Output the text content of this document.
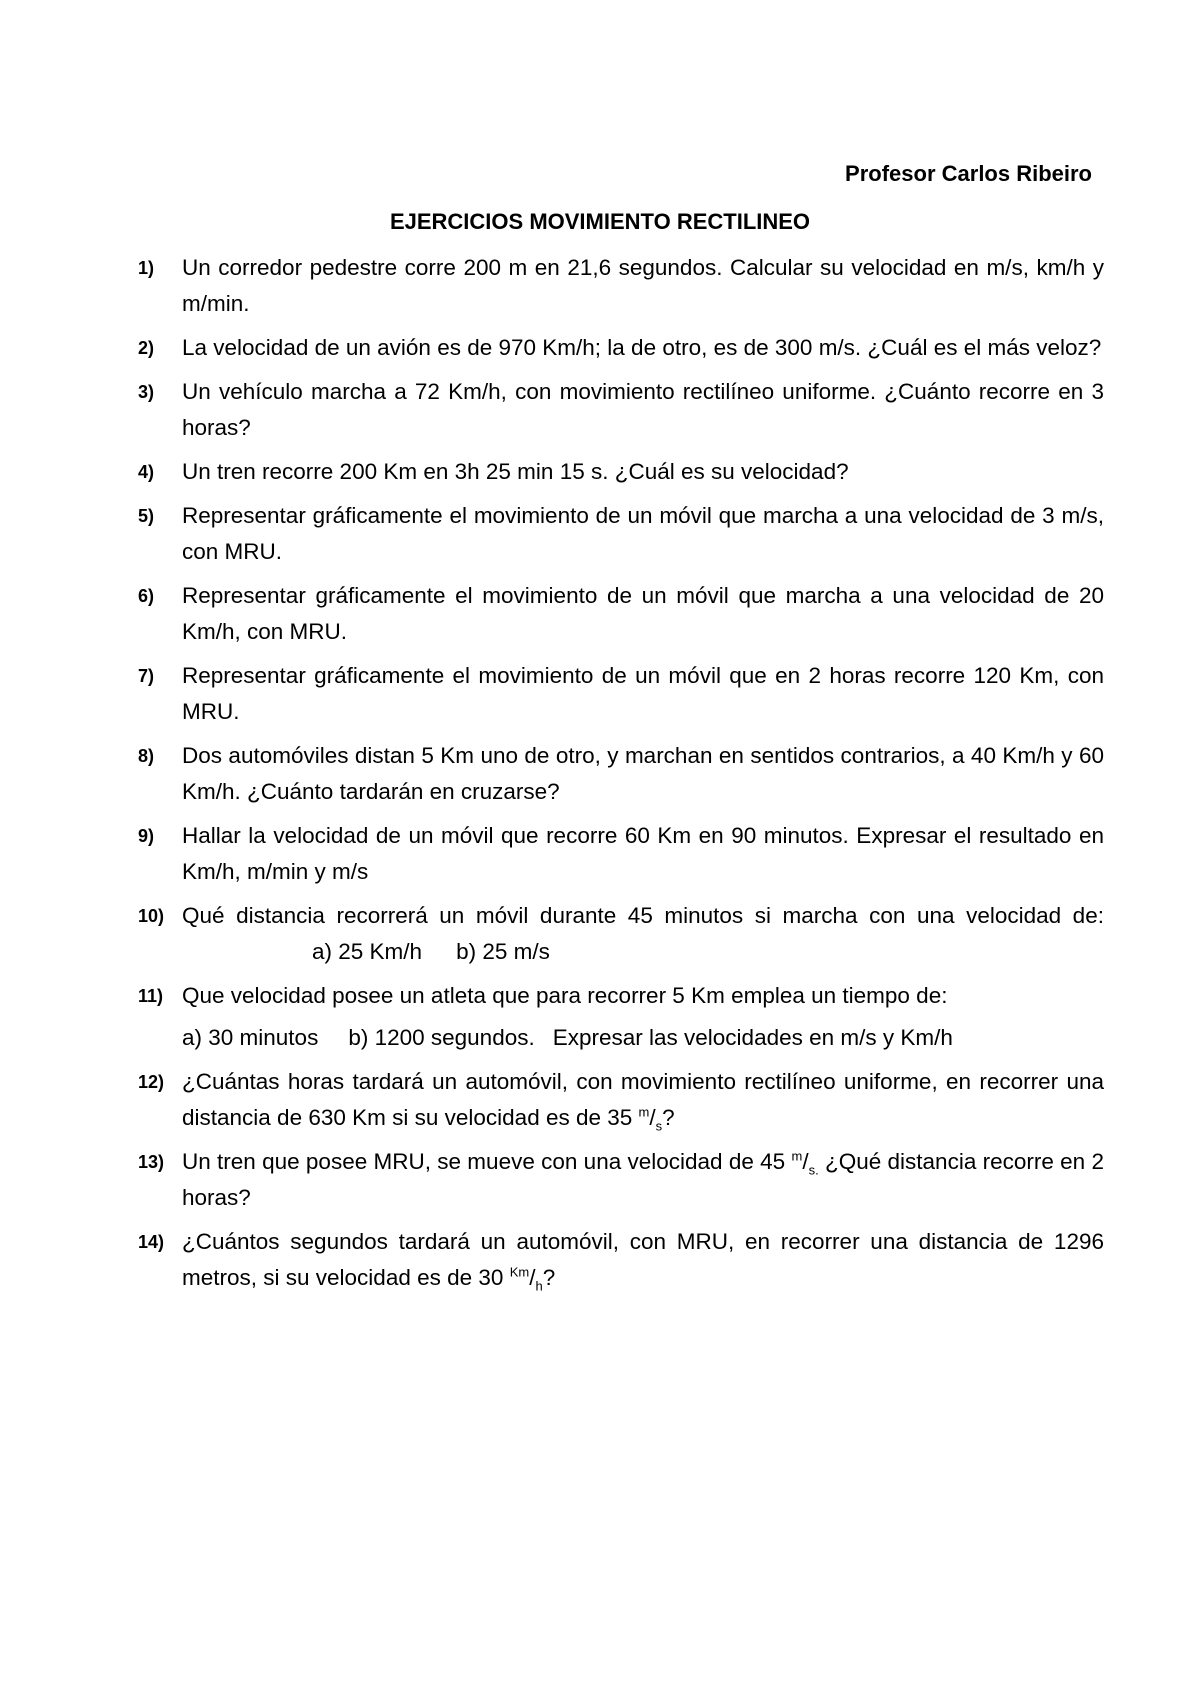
Profesor Carlos Ribeiro
EJERCICIOS MOVIMIENTO RECTILINEO
1) Un corredor pedestre corre 200 m en 21,6 segundos. Calcular su velocidad en m/s, km/h y m/min.
2) La velocidad de un avión es de 970 Km/h; la de otro, es de 300 m/s. ¿Cuál es el más veloz?
3) Un vehículo marcha a 72 Km/h, con movimiento rectilíneo uniforme. ¿Cuánto recorre en 3 horas?
4) Un tren recorre 200 Km en 3h 25 min 15 s. ¿Cuál es su velocidad?
5) Representar gráficamente el movimiento de un móvil que marcha a una velocidad de 3 m/s, con MRU.
6) Representar gráficamente el movimiento de un móvil que marcha a una velocidad de 20 Km/h, con MRU.
7) Representar gráficamente el movimiento de un móvil que en 2 horas recorre 120 Km, con MRU.
8) Dos automóviles distan 5 Km uno de otro, y marchan en sentidos contrarios, a 40 Km/h y 60 Km/h. ¿Cuánto tardarán en cruzarse?
9) Hallar la velocidad de un móvil que recorre 60 Km en 90 minutos. Expresar el resultado en Km/h, m/min y m/s
10) Qué distancia recorrerá un móvil durante 45 minutos si marcha con una velocidad de: a) 25 Km/h b) 25 m/s
11) Que velocidad posee un atleta que para recorrer 5 Km emplea un tiempo de:
a) 30 minutos b) 1200 segundos. Expresar las velocidades en m/s y Km/h
12) ¿Cuántas horas tardará un automóvil, con movimiento rectilíneo uniforme, en recorrer una distancia de 630 Km si su velocidad es de 35 $^m/_s$?
13) Un tren que posee MRU, se mueve con una velocidad de 45 $^m/_{s.}$ ¿Qué distancia recorre en 2 horas?
14) ¿Cuántos segundos tardará un automóvil, con MRU, en recorrer una distancia de 1296 metros, si su velocidad es de 30 $^{Km}/_h$?
